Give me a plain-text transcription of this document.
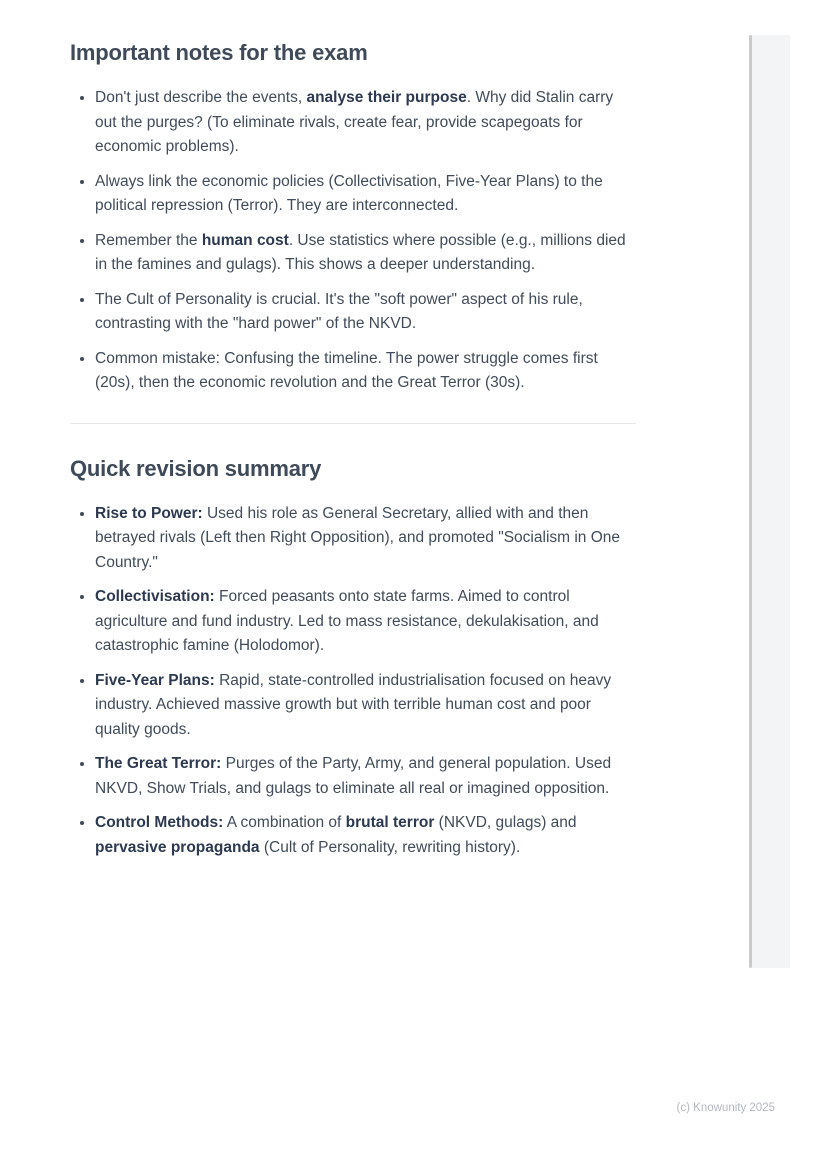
Important notes for the exam
• Don't just describe the events, analyse their purpose. Why did Stalin carry out the purges? (To eliminate rivals, create fear, provide scapegoats for economic problems).
• Always link the economic policies (Collectivisation, Five-Year Plans) to the political repression (Terror). They are interconnected.
• Remember the human cost. Use statistics where possible (e.g., millions died in the famines and gulags). This shows a deeper understanding.
• The Cult of Personality is crucial. It's the "soft power" aspect of his rule, contrasting with the "hard power" of the NKVD.
• Common mistake: Confusing the timeline. The power struggle comes first (20s), then the economic revolution and the Great Terror (30s).
Quick revision summary
• Rise to Power: Used his role as General Secretary, allied with and then betrayed rivals (Left then Right Opposition), and promoted "Socialism in One Country."
• Collectivisation: Forced peasants onto state farms. Aimed to control agriculture and fund industry. Led to mass resistance, dekulakisation, and catastrophic famine (Holodomor).
• Five-Year Plans: Rapid, state-controlled industrialisation focused on heavy industry. Achieved massive growth but with terrible human cost and poor quality goods.
• The Great Terror: Purges of the Party, Army, and general population. Used NKVD, Show Trials, and gulags to eliminate all real or imagined opposition.
• Control Methods: A combination of brutal terror (NKVD, gulags) and pervasive propaganda (Cult of Personality, rewriting history).
(c) Knowunity 2025
